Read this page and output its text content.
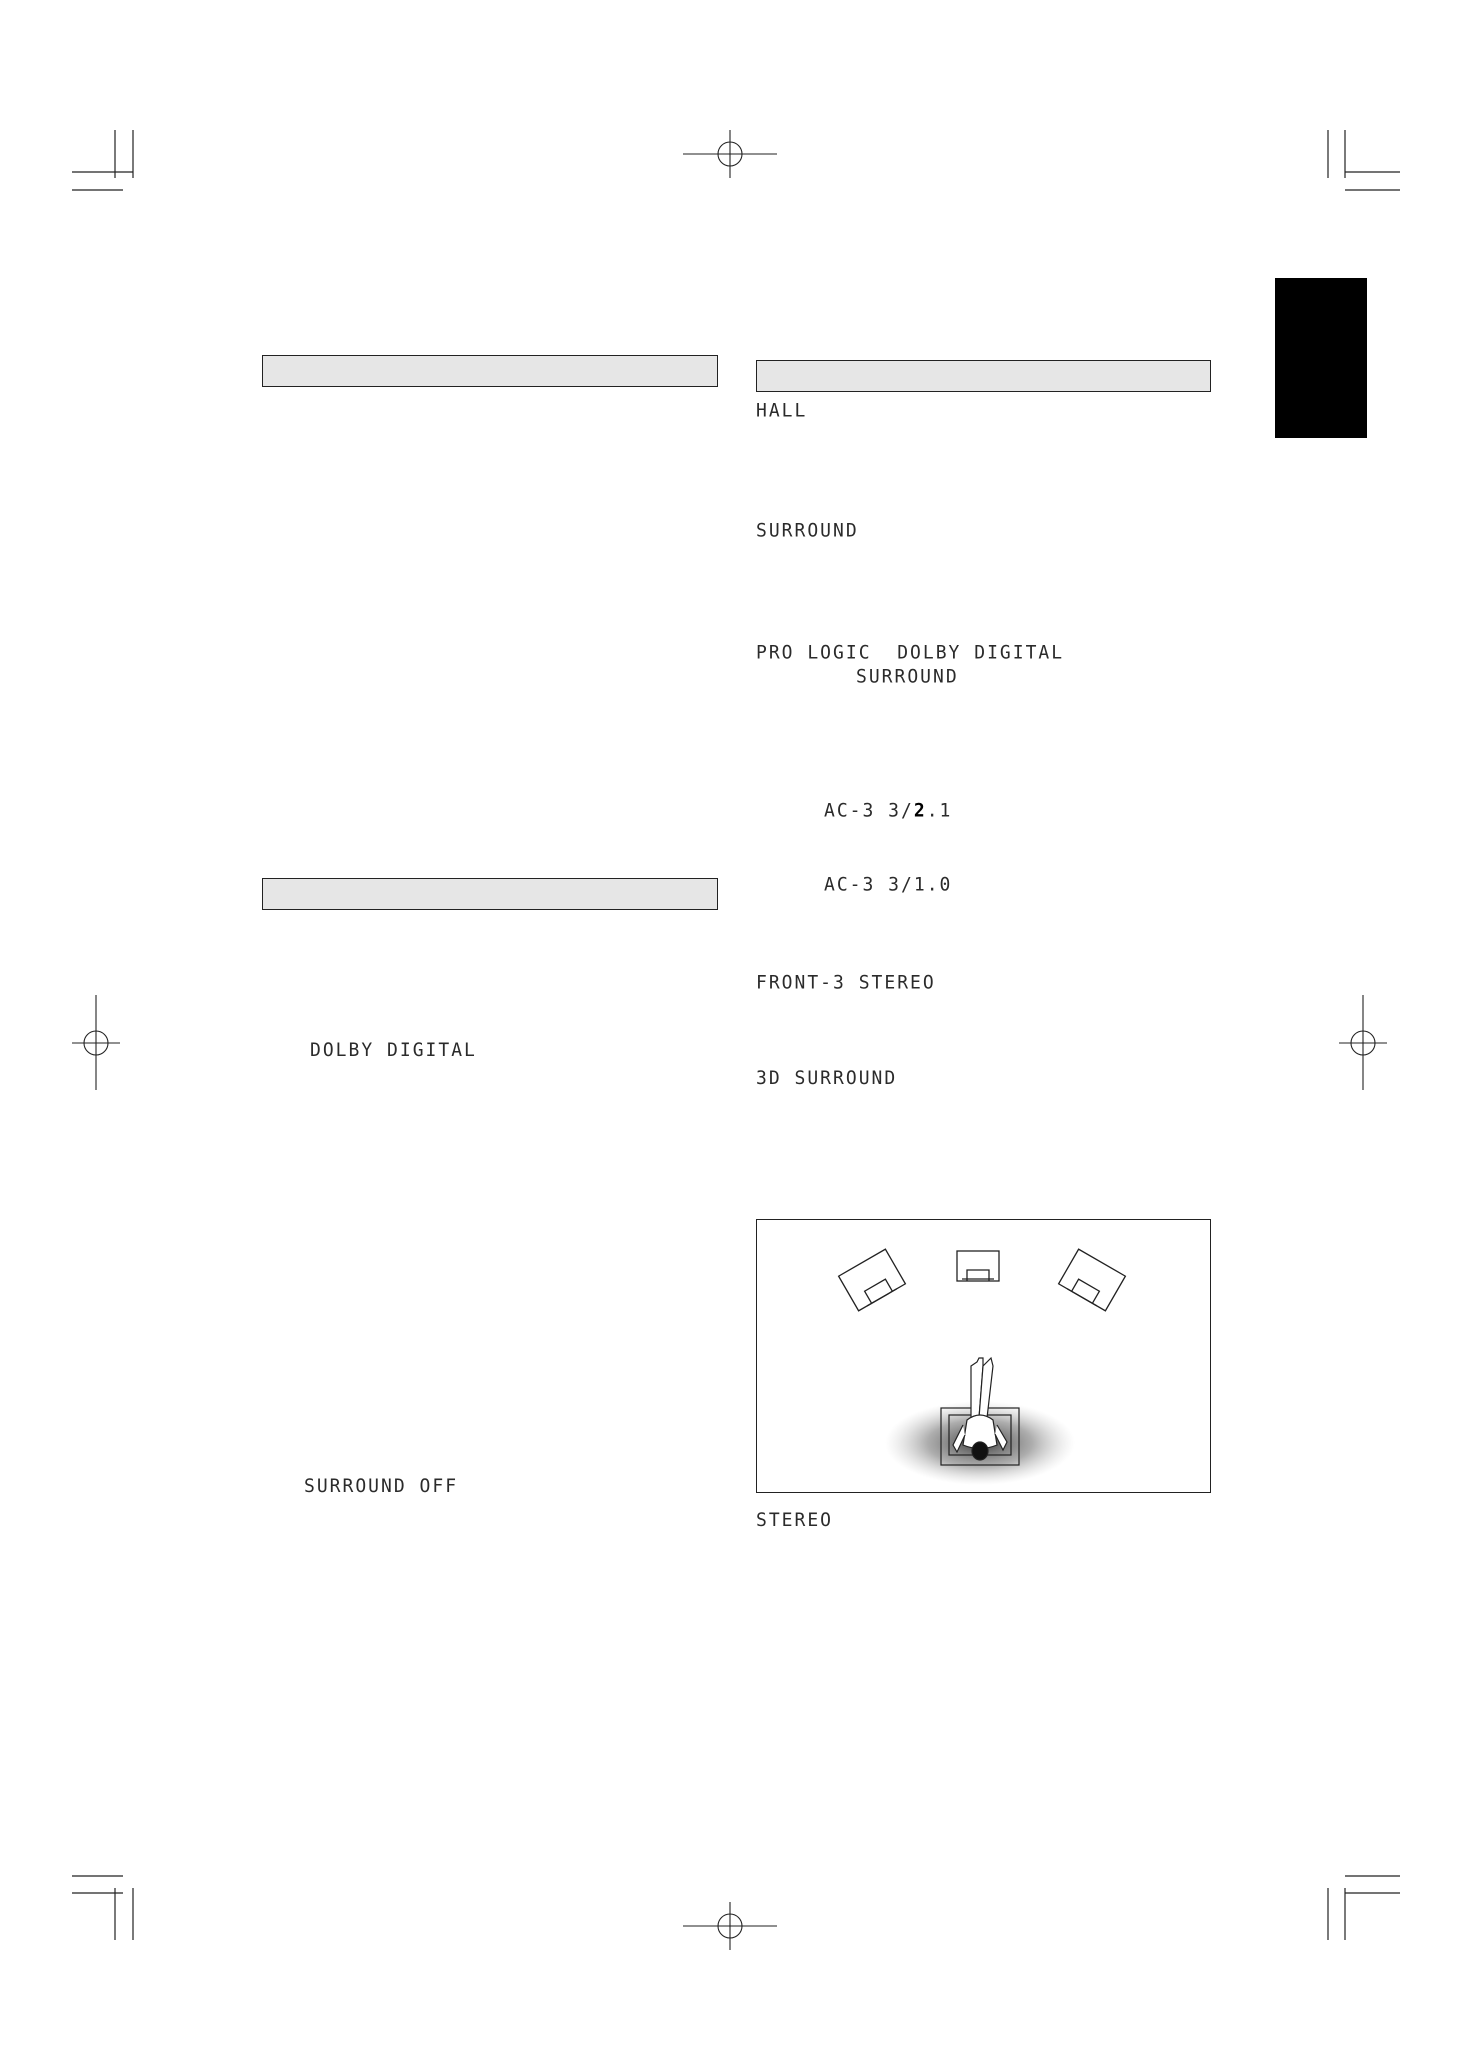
HALL
SURROUND
PRO LOGIC  DOLBY DIGITAL
SURROUND
AC-3 3/2.1
AC-3 3/1.0
FRONT-3 STEREO
3D SURROUND
DOLBY DIGITAL
SURROUND OFF
STEREO
